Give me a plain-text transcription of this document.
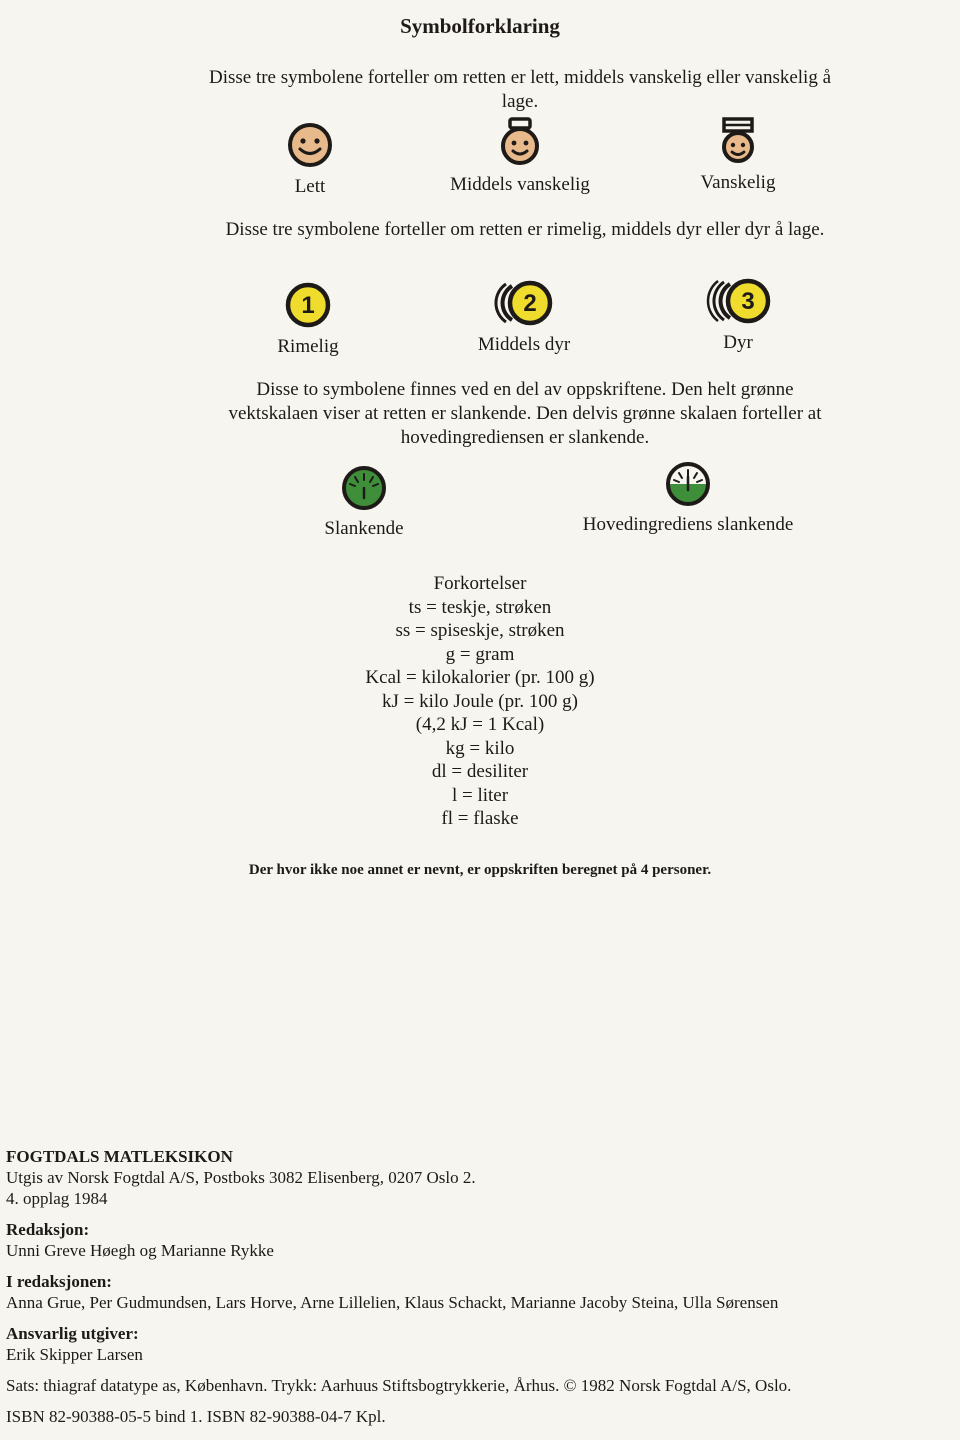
Symbolforklaring
Disse tre symbolene forteller om retten er lett, middels vanskelig eller vanskelig å lage.
Lett	Middels vanskelig	Vanskelig
Disse tre symbolene forteller om retten er rimelig, middels dyr eller dyr å lage.
1
Rimelig
2
Middels dyr
3
Dyr
Disse to symbolene finnes ved en del av oppskriftene. Den helt grønne vektskalaen viser at retten er slankende. Den delvis grønne skalaen forteller at hovedingrediensen er slankende.
Slankende	Hovedingrediens slankende
Forkortelser
ts = teskje, strøken
ss = spiseskje, strøken
g = gram
Kcal = kilokalorier (pr. 100 g)
kJ = kilo Joule (pr. 100 g)
(4,2 kJ = 1 Kcal)
kg = kilo
dl = desiliter
l = liter
fl = flaske
Der hvor ikke noe annet er nevnt, er oppskriften beregnet på 4 personer.
FOGTDALS MATLEKSIKON
Utgis av Norsk Fogtdal A/S, Postboks 3082 Elisenberg, 0207 Oslo 2.
4. opplag 1984
Redaksjon:
Unni Greve Høegh og Marianne Rykke
I redaksjonen:
Anna Grue, Per Gudmundsen, Lars Horve, Arne Lillelien, Klaus Schackt, Marianne Jacoby Steina, Ulla Sørensen
Ansvarlig utgiver:
Erik Skipper Larsen
Sats: thiagraf datatype as, København. Trykk: Aarhuus Stiftsbogtrykkerie, Århus. © 1982 Norsk Fogtdal A/S, Oslo.
ISBN 82-90388-05-5 bind 1. ISBN 82-90388-04-7 Kpl.
